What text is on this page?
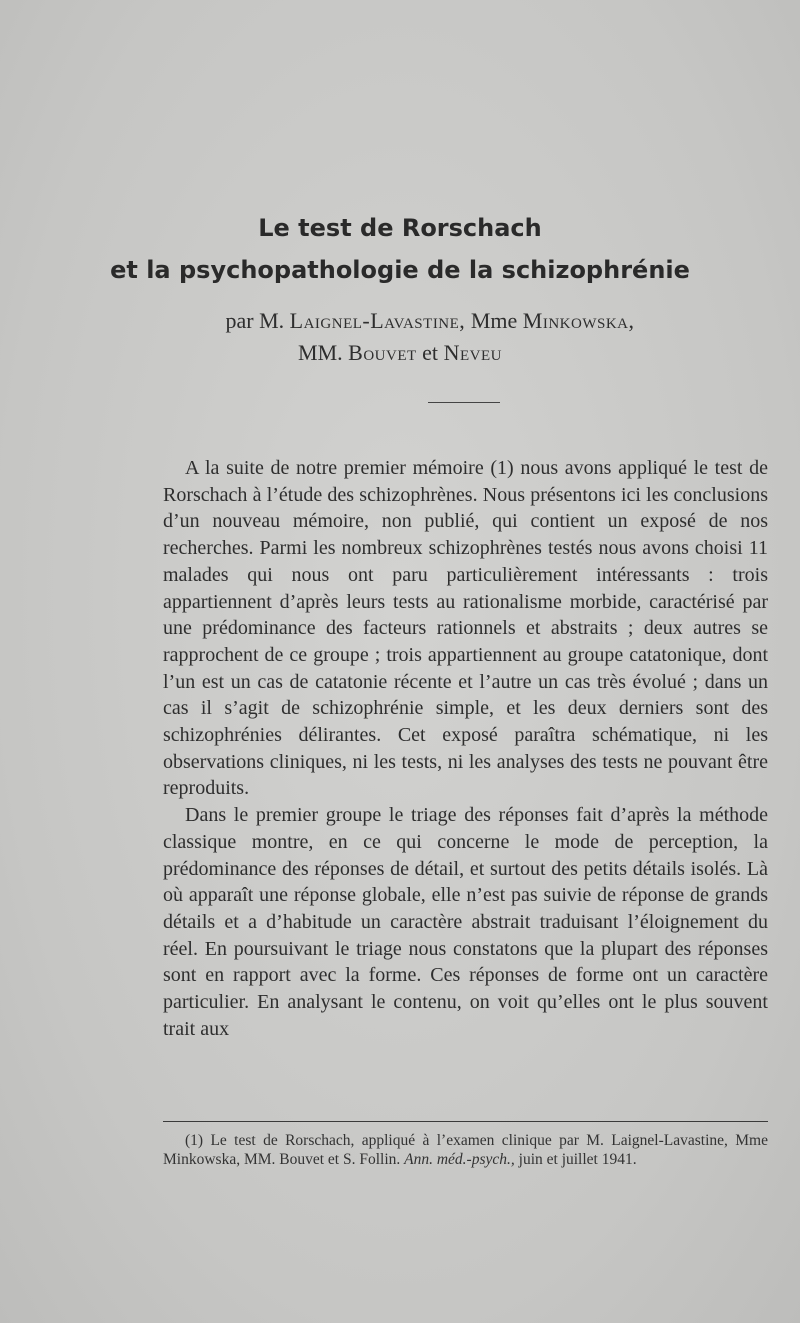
Le test de Rorschach
et la psychopathologie de la schizophrénie
par M. Laignel-Lavastine, Mme Minkowska,
MM. Bouvet et Neveu

A la suite de notre premier mémoire (1) nous avons appliqué le test de Rorschach à l’étude des schizophrènes. Nous présentons ici les conclusions d’un nouveau mémoire, non publié, qui contient un exposé de nos recherches. Parmi les nombreux schizophrènes testés nous avons choisi 11 malades qui nous ont paru particulièrement intéressants : trois appartiennent d’après leurs tests au rationalisme morbide, caractérisé par une prédominance des facteurs rationnels et abstraits ; deux autres se rapprochent de ce groupe ; trois appartiennent au groupe catatonique, dont l’un est un cas de catatonie récente et l’autre un cas très évolué ; dans un cas il s’agit de schizophrénie simple, et les deux derniers sont des schizophrénies délirantes. Cet exposé paraîtra schématique, ni les observations cliniques, ni les tests, ni les analyses des tests ne pouvant être reproduits.

Dans le premier groupe le triage des réponses fait d’après la méthode classique montre, en ce qui concerne le mode de perception, la prédominance des réponses de détail, et surtout des petits détails isolés. Là où apparaît une réponse globale, elle n’est pas suivie de réponse de grands détails et a d’habitude un caractère abstrait traduisant l’éloignement du réel. En poursuivant le triage nous constatons que la plupart des réponses sont en rapport avec la forme. Ces réponses de forme ont un caractère particulier. En analysant le contenu, on voit qu’elles ont le plus souvent trait aux

(1) Le test de Rorschach, appliqué à l’examen clinique par M. Laignel-Lavastine, Mme Minkowska, MM. Bouvet et S. Follin. Ann. méd.-psych., juin et juillet 1941.
